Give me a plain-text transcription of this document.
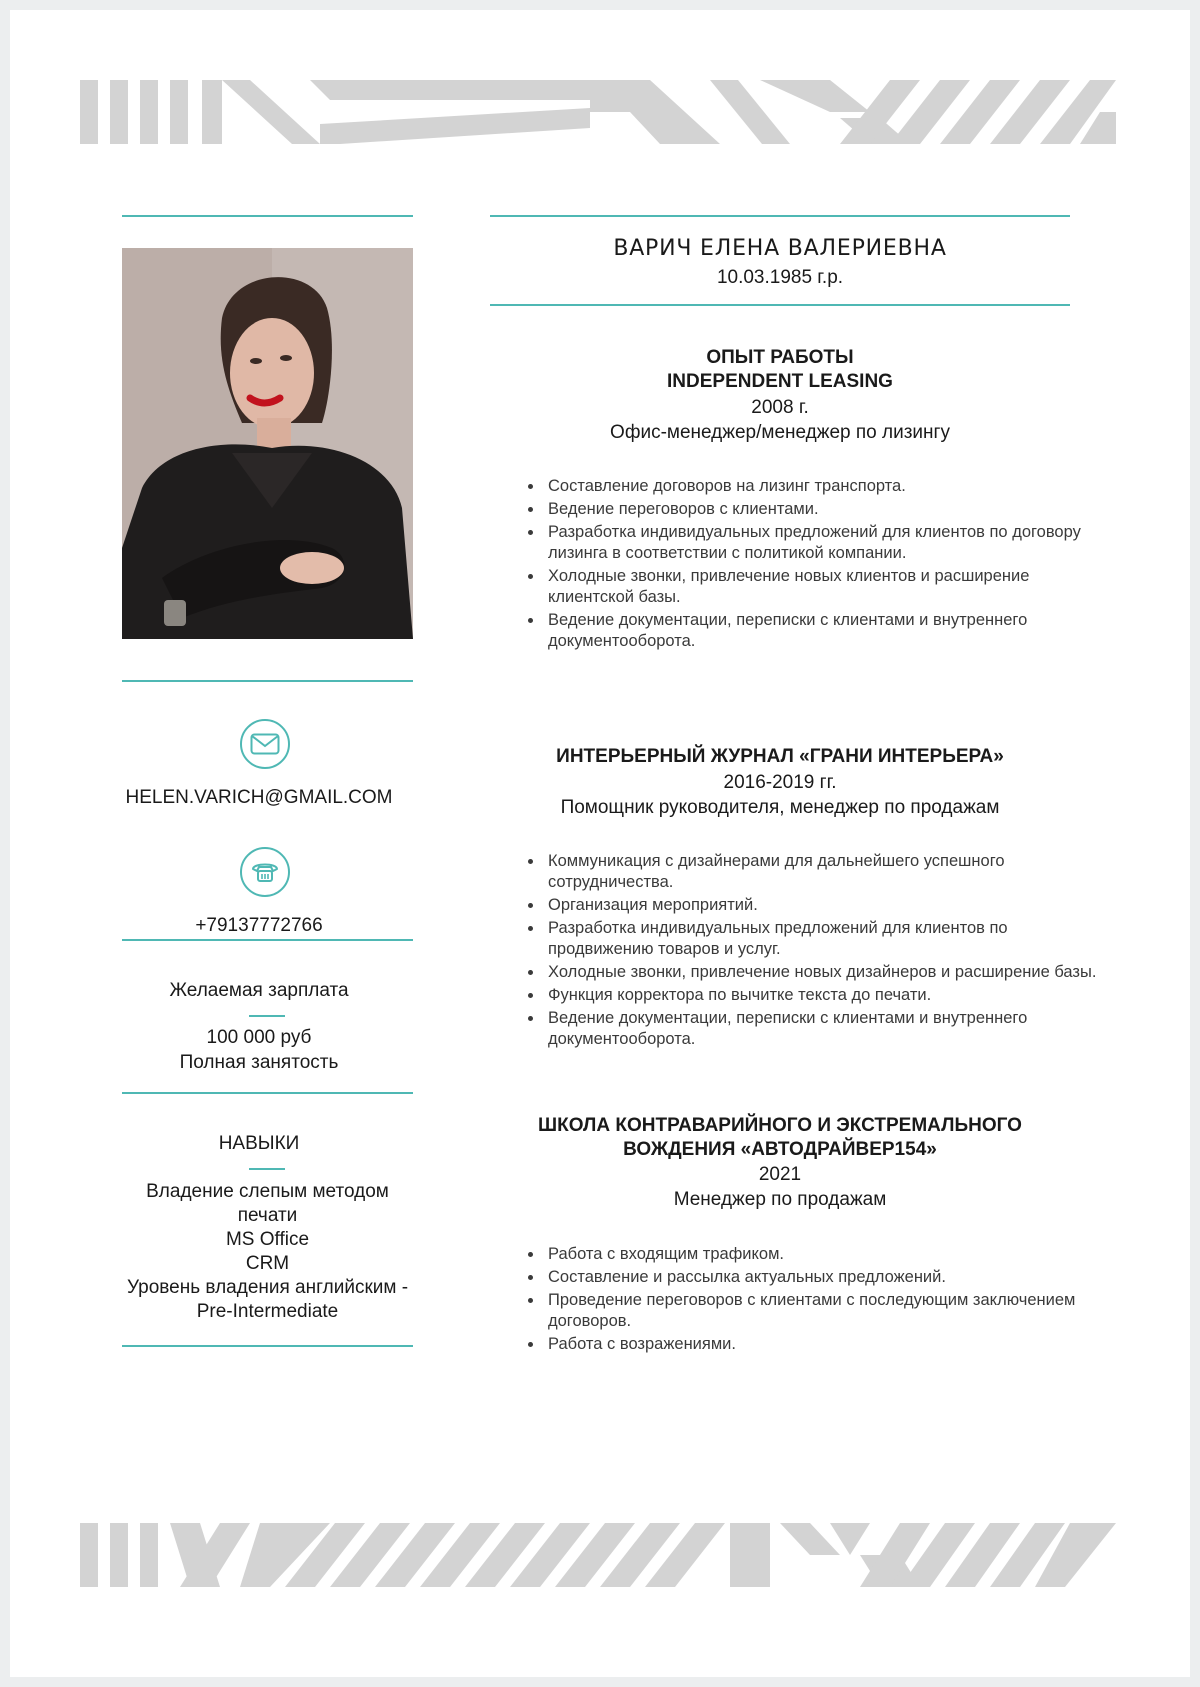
HELEN.VARICH@GMAIL.COM
+79137772766
Желаемая зарплата
100 000 руб
Полная занятость
НАВЫКИ
Владение слепым методом печати
MS Office
CRM
Уровень владения английским - Pre-Intermediate
ВАРИЧ ЕЛЕНА ВАЛЕРИЕВНА
10.03.1985 г.р.
ОПЫТ РАБОТЫ
INDEPENDENT LEASING
2008 г.
Офис-менеджер/менеджер по лизингу
• Составление договоров на лизинг транспорта.
• Ведение переговоров с клиентами.
• Разработка индивидуальных предложений для клиентов по договору лизинга в соответствии с политикой компании.
• Холодные звонки, привлечение новых клиентов и расширение клиентской базы.
• Ведение документации, переписки с клиентами и внутреннего документооборота.
ИНТЕРЬЕРНЫЙ ЖУРНАЛ «ГРАНИ ИНТЕРЬЕРА»
2016-2019 гг.
Помощник руководителя, менеджер по продажам
• Коммуникация с дизайнерами для дальнейшего успешного сотрудничества.
• Организация мероприятий.
• Разработка индивидуальных предложений для клиентов по продвижению товаров и услуг.
• Холодные звонки, привлечение новых дизайнеров и расширение базы.
• Функция корректора по вычитке текста до печати.
• Ведение документации, переписки с клиентами и внутреннего документооборота.
ШКОЛА КОНТРАВАРИЙНОГО И ЭКСТРЕМАЛЬНОГО ВОЖДЕНИЯ «АВТОДРАЙВЕР154»
2021
Менеджер по продажам
• Работа с входящим трафиком.
• Составление и рассылка актуальных предложений.
• Проведение переговоров с клиентами с последующим заключением договоров.
• Работа с возражениями.
